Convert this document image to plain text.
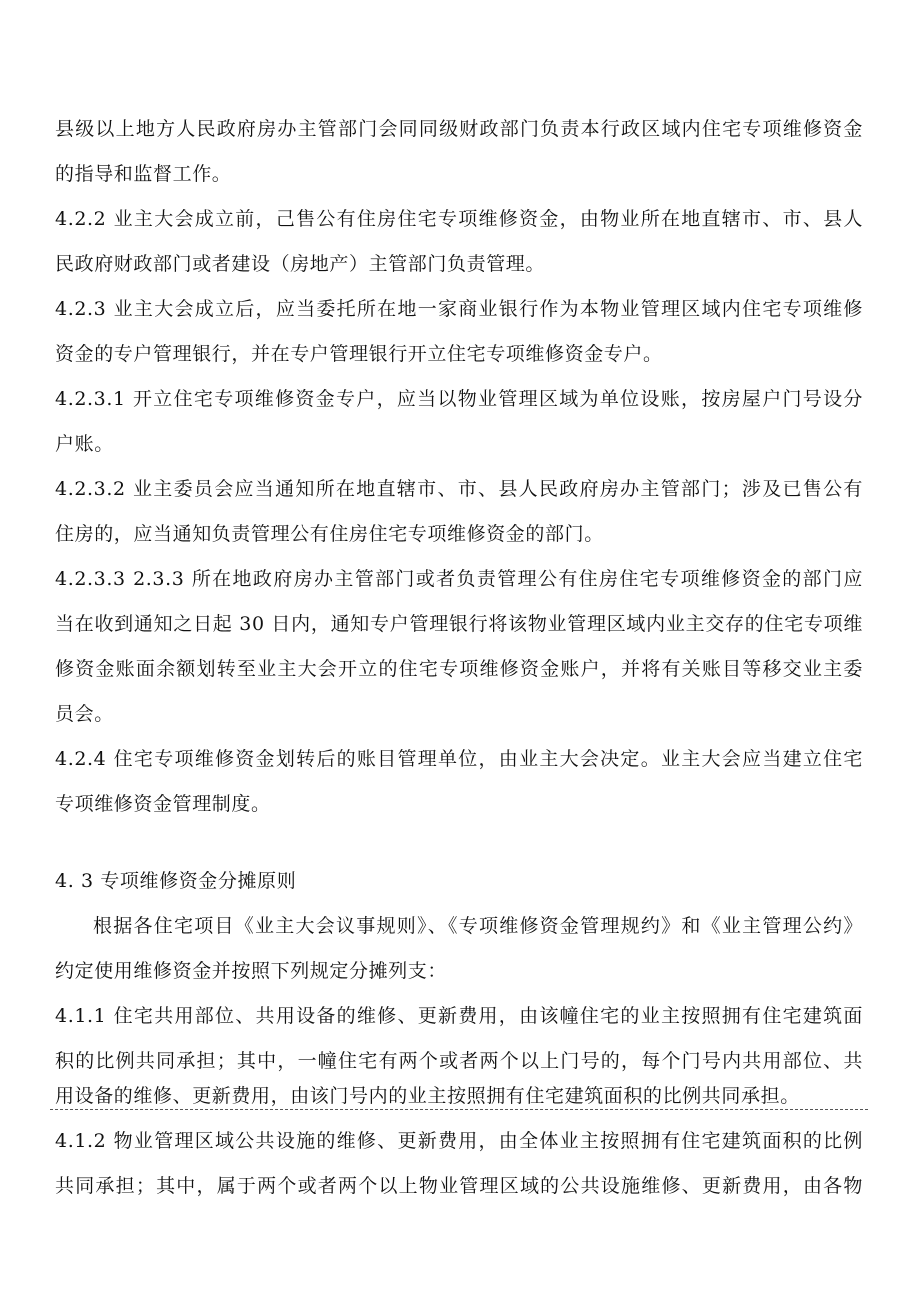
县级以上地方人民政府房办主管部门会同同级财政部门负责本行政区域内住宅专项维修资金
的指导和监督工作。
4.2.2 业主大会成立前，己售公有住房住宅专项维修资金，由物业所在地直辖市、市、县人
民政府财政部门或者建设（房地产）主管部门负责管理。
4.2.3 业主大会成立后，应当委托所在地一家商业银行作为本物业管理区域内住宅专项维修
资金的专户管理银行，并在专户管理银行开立住宅专项维修资金专户。
4.2.3.1 开立住宅专项维修资金专户，应当以物业管理区域为单位设账，按房屋户门号设分
户账。
4.2.3.2 业主委员会应当通知所在地直辖市、市、县人民政府房办主管部门；涉及已售公有
住房的，应当通知负责管理公有住房住宅专项维修资金的部门。
4.2.3.3 2.3.3 所在地政府房办主管部门或者负责管理公有住房住宅专项维修资金的部门应
当在收到通知之日起 30 日内，通知专户管理银行将该物业管理区域内业主交存的住宅专项维
修资金账面余额划转至业主大会开立的住宅专项维修资金账户，并将有关账目等移交业主委
员会。
4.2.4 住宅专项维修资金划转后的账目管理单位，由业主大会决定。业主大会应当建立住宅
专项维修资金管理制度。
4. 3 专项维修资金分摊原则
根据各住宅项目《业主大会议事规则》、《专项维修资金管理规约》和《业主管理公约》
约定使用维修资金并按照下列规定分摊列支：
4.1.1 住宅共用部位、共用设备的维修、更新费用，由该幢住宅的业主按照拥有住宅建筑面
积的比例共同承担；其中，一幢住宅有两个或者两个以上门号的，每个门号内共用部位、共
用设备的维修、更新费用，由该门号内的业主按照拥有住宅建筑面积的比例共同承担。
4.1.2 物业管理区域公共设施的维修、更新费用，由全体业主按照拥有住宅建筑面积的比例
共同承担；其中，属于两个或者两个以上物业管理区域的公共设施维修、更新费用，由各物
